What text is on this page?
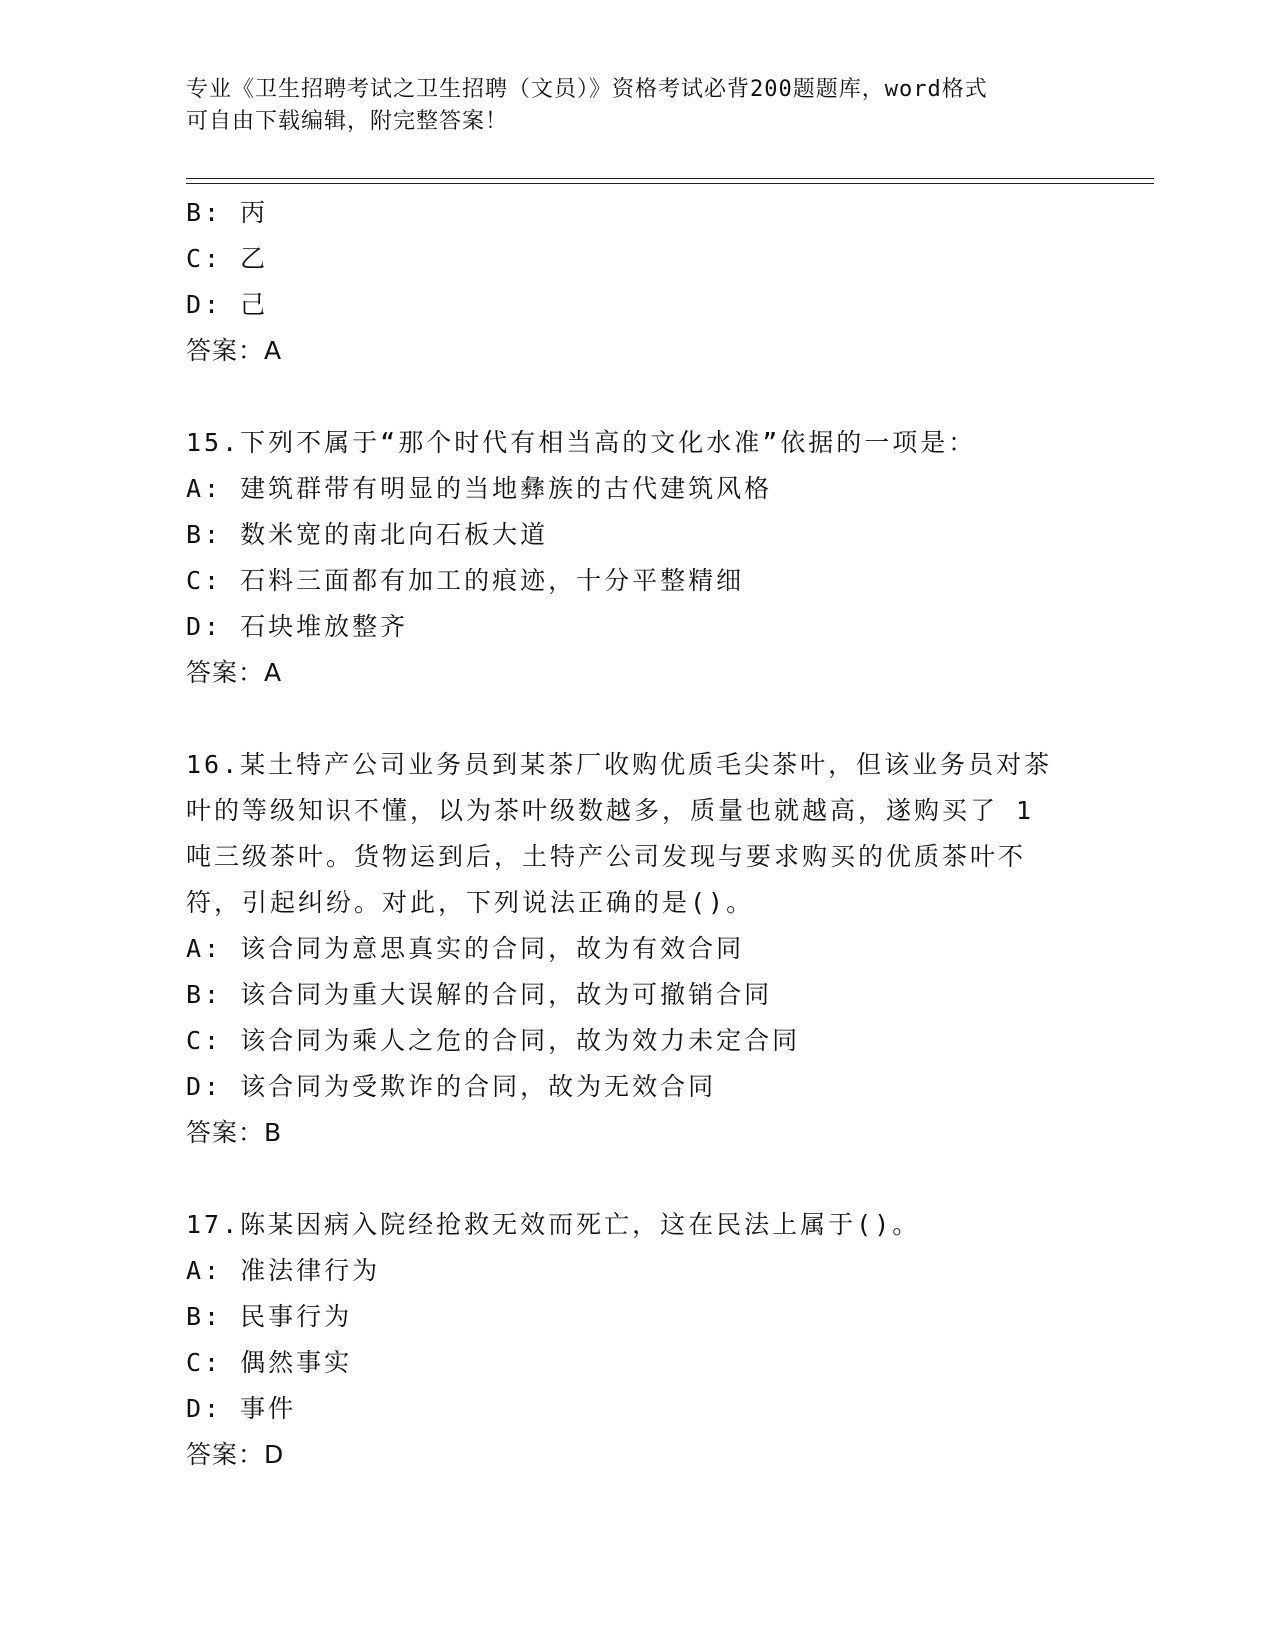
专业《卫生招聘考试之卫生招聘（文员）》资格考试必背200题题库，word格式
可自由下载编辑，附完整答案！
B: 丙
C: 乙
D: 己
答案：A
15.下列不属于“那个时代有相当高的文化水准”依据的一项是：
A: 建筑群带有明显的当地彝族的古代建筑风格
B: 数米宽的南北向石板大道
C: 石料三面都有加工的痕迹，十分平整精细
D: 石块堆放整齐
答案：A
16.某土特产公司业务员到某茶厂收购优质毛尖茶叶，但该业务员对茶
叶的等级知识不懂，以为茶叶级数越多，质量也就越高，遂购买了 1
吨三级茶叶。货物运到后，土特产公司发现与要求购买的优质茶叶不
符，引起纠纷。对此，下列说法正确的是()。
A: 该合同为意思真实的合同，故为有效合同
B: 该合同为重大误解的合同，故为可撤销合同
C: 该合同为乘人之危的合同，故为效力未定合同
D: 该合同为受欺诈的合同，故为无效合同
答案：B
17.陈某因病入院经抢救无效而死亡，这在民法上属于()。
A: 准法律行为
B: 民事行为
C: 偶然事实
D: 事件
答案：D
